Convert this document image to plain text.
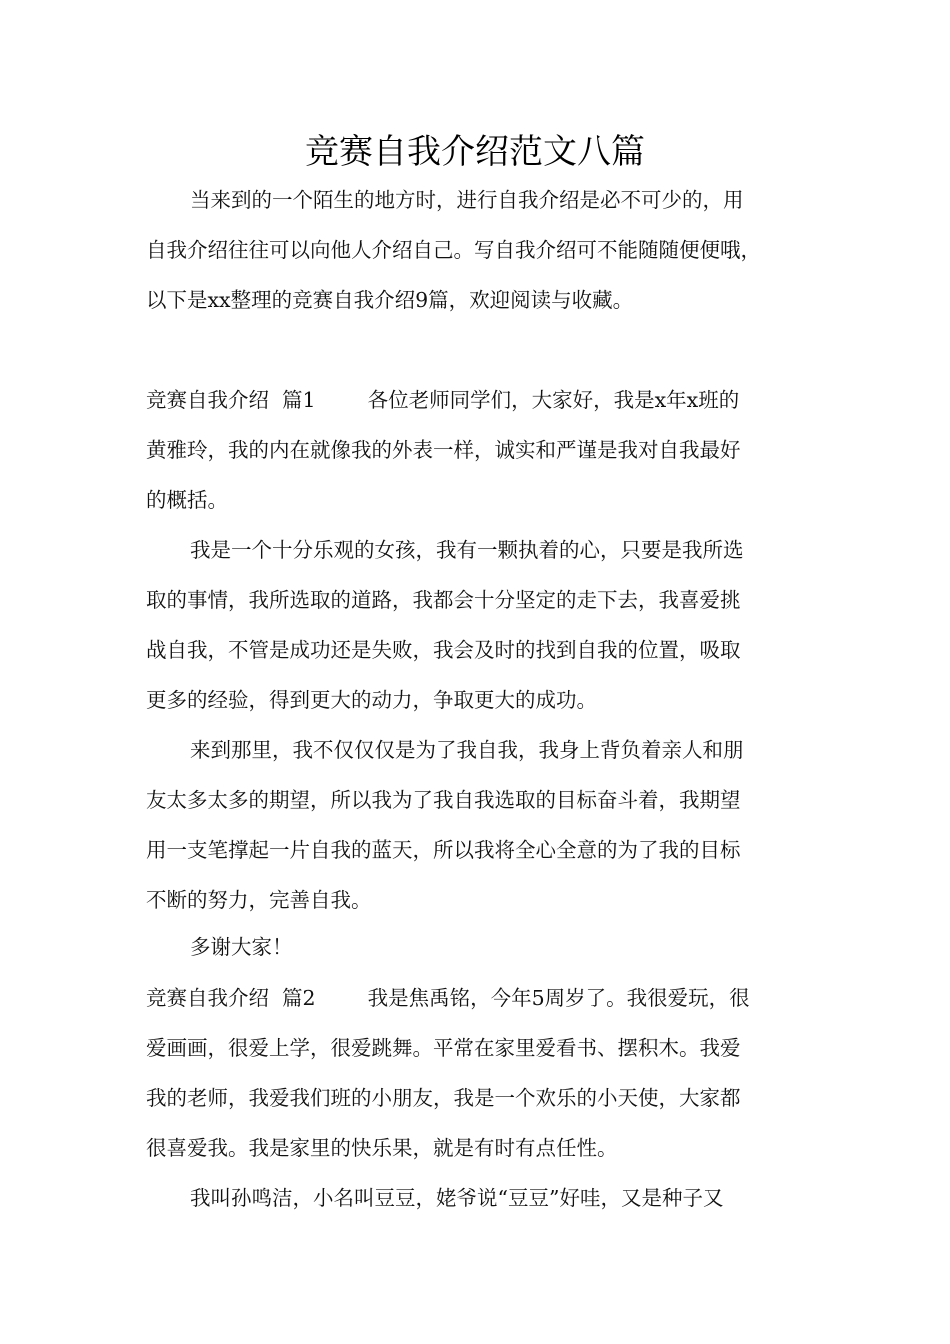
竞赛自我介绍范文八篇
当来到的一个陌生的地方时，进行自我介绍是必不可少的，用
自我介绍往往可以向他人介绍自己。写自我介绍可不能随随便便哦，
以下是xx整理的竞赛自我介绍9篇，欢迎阅读与收藏。
竞赛自我介绍  篇1	各位老师同学们，大家好，我是x年x班的
黄雅玲，我的内在就像我的外表一样，诚实和严谨是我对自我最好
的概括。
我是一个十分乐观的女孩，我有一颗执着的心，只要是我所选
取的事情，我所选取的道路，我都会十分坚定的走下去，我喜爱挑
战自我，不管是成功还是失败，我会及时的找到自我的位置，吸取
更多的经验，得到更大的动力，争取更大的成功。
来到那里，我不仅仅仅是为了我自我，我身上背负着亲人和朋
友太多太多的期望，所以我为了我自我选取的目标奋斗着，我期望
用一支笔撑起一片自我的蓝天，所以我将全心全意的为了我的目标
不断的努力，完善自我。
多谢大家！
竞赛自我介绍  篇2	我是焦禹铭，今年5周岁了。我很爱玩，很
爱画画，很爱上学，很爱跳舞。平常在家里爱看书、摆积木。我爱
我的老师，我爱我们班的小朋友，我是一个欢乐的小天使，大家都
很喜爱我。我是家里的快乐果，就是有时有点任性。
我叫孙鸣洁，小名叫豆豆，姥爷说“豆豆”好哇，又是种子又
